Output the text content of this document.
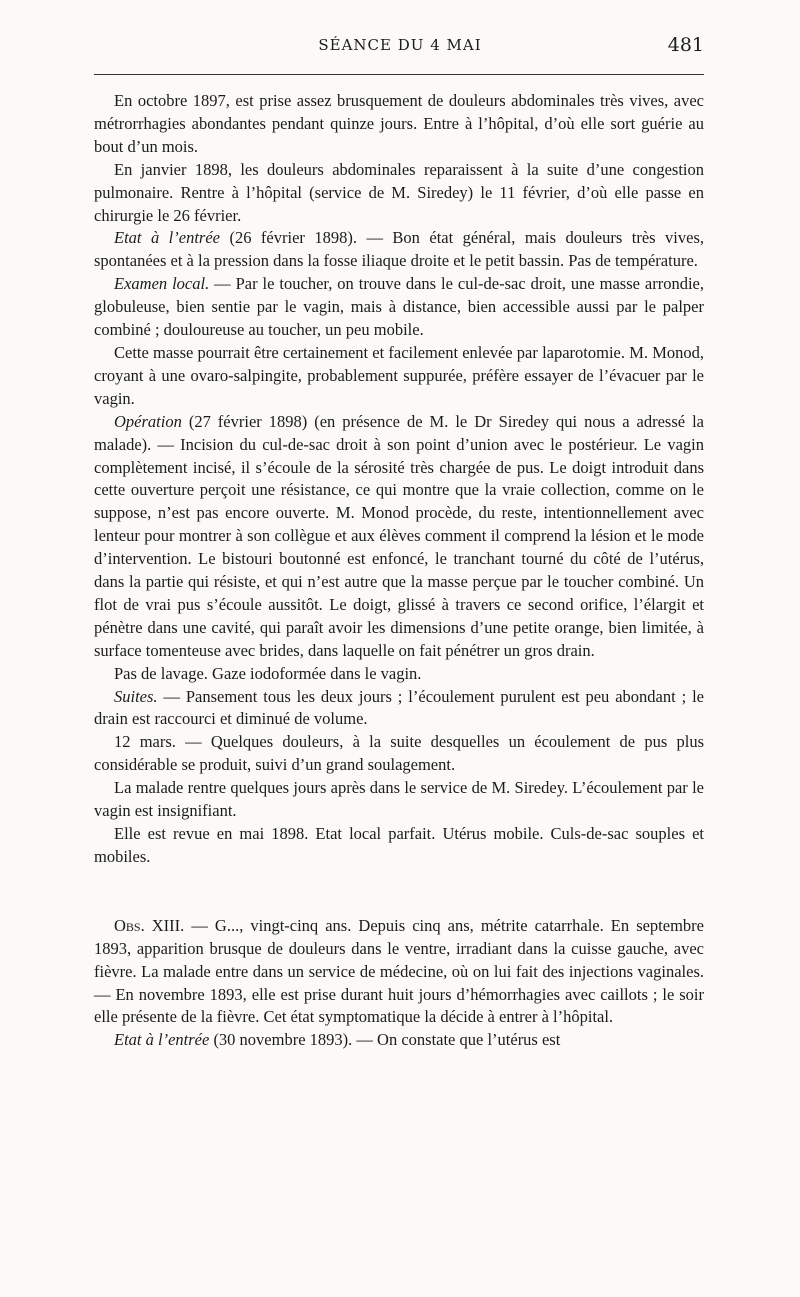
SÉANCE DU 4 MAI	481

En octobre 1897, est prise assez brusquement de douleurs abdominales très vives, avec métrorrhagies abondantes pendant quinze jours. Entre à l’hôpital, d’où elle sort guérie au bout d’un mois.

En janvier 1898, les douleurs abdominales reparaissent à la suite d’une congestion pulmonaire. Rentre à l’hôpital (service de M. Siredey) le 11 février, d’où elle passe en chirurgie le 26 février.

Etat à l’entrée (26 février 1898). — Bon état général, mais douleurs très vives, spontanées et à la pression dans la fosse iliaque droite et le petit bassin. Pas de température.

Examen local. — Par le toucher, on trouve dans le cul-de-sac droit, une masse arrondie, globuleuse, bien sentie par le vagin, mais à distance, bien accessible aussi par le palper combiné ; douloureuse au toucher, un peu mobile.

Cette masse pourrait être certainement et facilement enlevée par laparotomie. M. Monod, croyant à une ovaro-salpingite, probablement suppurée, préfère essayer de l’évacuer par le vagin.

Opération (27 février 1898) (en présence de M. le Dr Siredey qui nous a adressé la malade). — Incision du cul-de-sac droit à son point d’union avec le postérieur. Le vagin complètement incisé, il s’écoule de la sérosité très chargée de pus. Le doigt introduit dans cette ouverture perçoit une résistance, ce qui montre que la vraie collection, comme on le suppose, n’est pas encore ouverte. M. Monod procède, du reste, intentionnellement avec lenteur pour montrer à son collègue et aux élèves comment il comprend la lésion et le mode d’intervention. Le bistouri boutonné est enfoncé, le tranchant tourné du côté de l’utérus, dans la partie qui résiste, et qui n’est autre que la masse perçue par le toucher combiné. Un flot de vrai pus s’écoule aussitôt. Le doigt, glissé à travers ce second orifice, l’élargit et pénètre dans une cavité, qui paraît avoir les dimensions d’une petite orange, bien limitée, à surface tomenteuse avec brides, dans laquelle on fait pénétrer un gros drain.

Pas de lavage. Gaze iodoformée dans le vagin.

Suites. — Pansement tous les deux jours ; l’écoulement purulent est peu abondant ; le drain est raccourci et diminué de volume.

12 mars. — Quelques douleurs, à la suite desquelles un écoulement de pus plus considérable se produit, suivi d’un grand soulagement.

La malade rentre quelques jours après dans le service de M. Siredey. L’écoulement par le vagin est insignifiant.

Elle est revue en mai 1898. Etat local parfait. Utérus mobile. Culs-de-sac souples et mobiles.

Obs. XIII. — G..., vingt-cinq ans. Depuis cinq ans, métrite catarrhale. En septembre 1893, apparition brusque de douleurs dans le ventre, irradiant dans la cuisse gauche, avec fièvre. La malade entre dans un service de médecine, où on lui fait des injections vaginales. — En novembre 1893, elle est prise durant huit jours d’hémorrhagies avec caillots ; le soir elle présente de la fièvre. Cet état symptomatique la décide à entrer à l’hôpital.

Etat à l’entrée (30 novembre 1893). — On constate que l’utérus est
